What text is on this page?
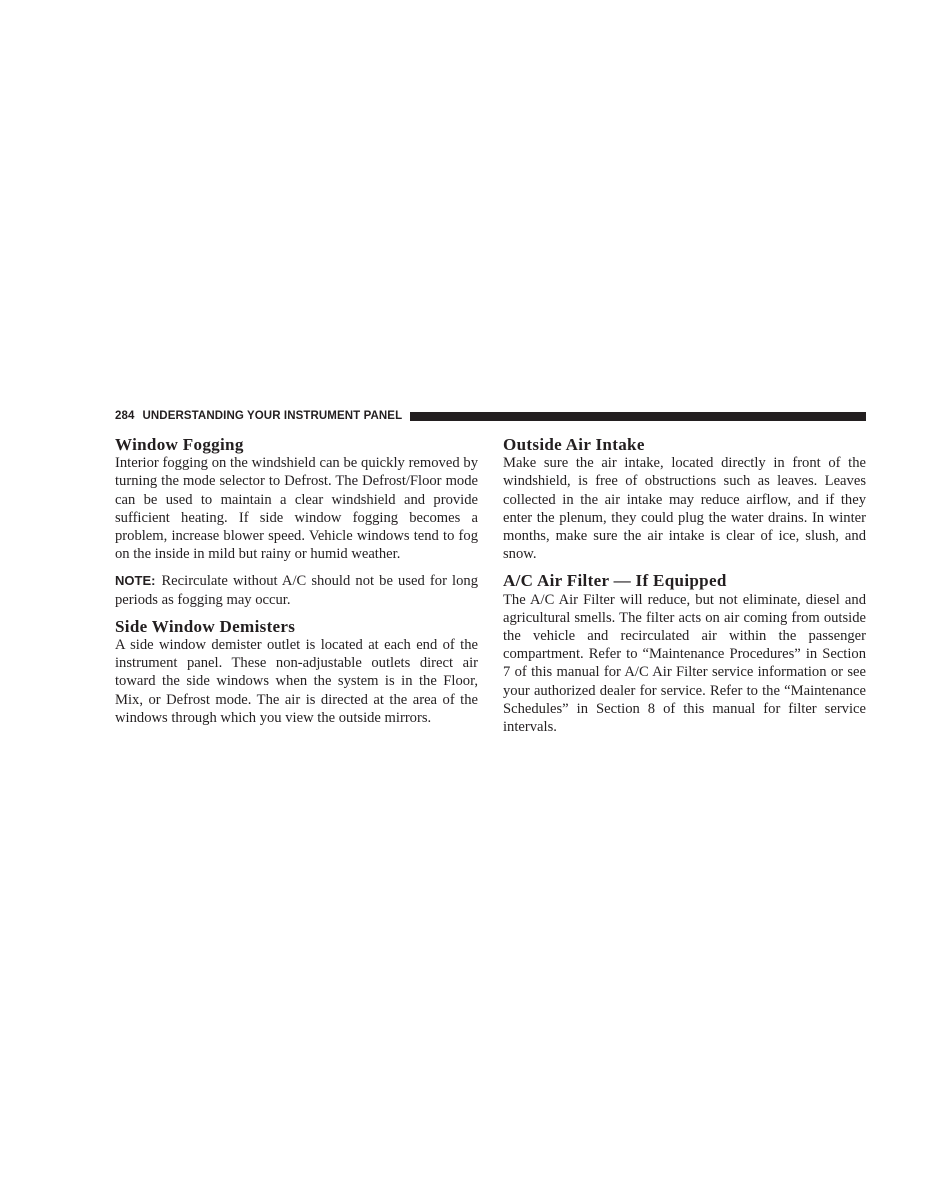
284 UNDERSTANDING YOUR INSTRUMENT PANEL
Window Fogging

Interior fogging on the windshield can be quickly removed by turning the mode selector to Defrost. The Defrost/Floor mode can be used to maintain a clear windshield and provide sufficient heating. If side window fogging becomes a problem, increase blower speed. Vehicle windows tend to fog on the inside in mild but rainy or humid weather.

NOTE: Recirculate without A/C should not be used for long periods as fogging may occur.

Side Window Demisters

A side window demister outlet is located at each end of the instrument panel. These non-adjustable outlets direct air toward the side windows when the system is in the Floor, Mix, or Defrost mode. The air is directed at the area of the windows through which you view the outside mirrors.

Outside Air Intake

Make sure the air intake, located directly in front of the windshield, is free of obstructions such as leaves. Leaves collected in the air intake may reduce airflow, and if they enter the plenum, they could plug the water drains. In winter months, make sure the air intake is clear of ice, slush, and snow.

A/C Air Filter — If Equipped

The A/C Air Filter will reduce, but not eliminate, diesel and agricultural smells. The filter acts on air coming from outside the vehicle and recirculated air within the passenger compartment. Refer to “Maintenance Procedures” in Section 7 of this manual for A/C Air Filter service information or see your authorized dealer for service. Refer to the “Maintenance Schedules” in Section 8 of this manual for filter service intervals.
